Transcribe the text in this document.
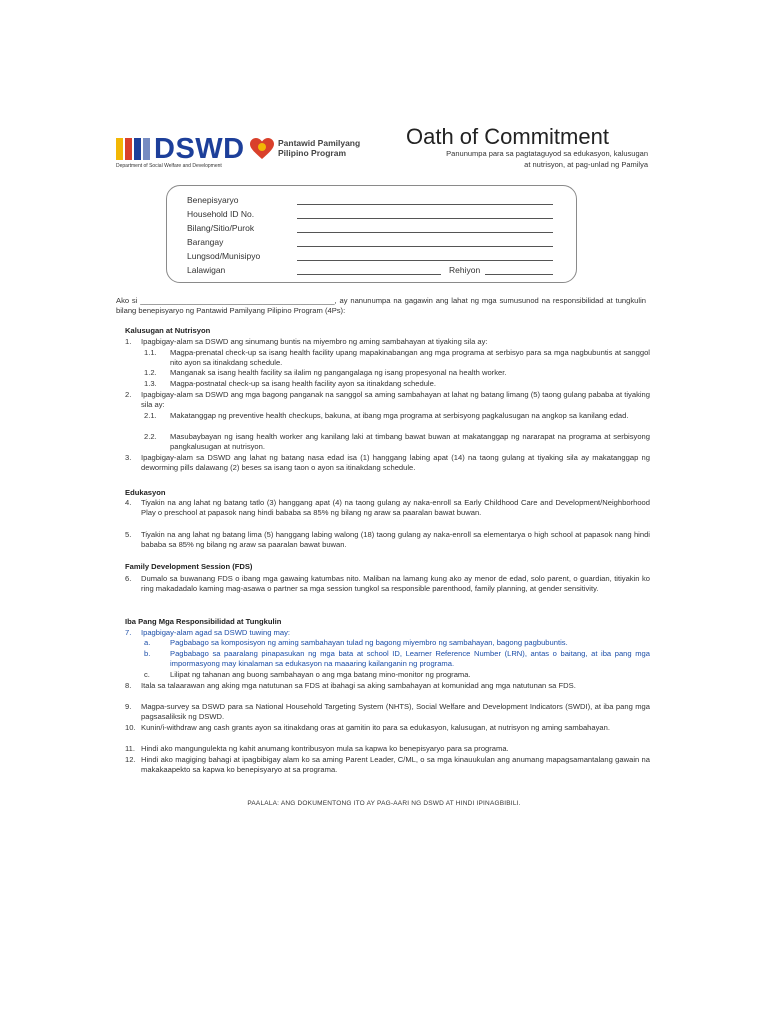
DSWD
Department of Social Welfare and Development
Pantawid Pamilyang
Pilipino Program
Oath of Commitment
Panunumpa para sa pagtataguyod sa edukasyon, kalusugan
at nutrisyon, at pag-unlad ng Pamilya
Benepisyaryo
Household ID No.
Bilang/Sitio/Purok
Barangay
Lungsod/Munisipyo
Lalawigan	Rehiyon
Ako si ______________________________________________, ay nanunumpa na gagawin ang lahat ng mga sumusunod na responsibilidad at tungkulin bilang benepisyaryo ng Pantawid Pamilyang Pilipino Program (4Ps):
Kalusugan at Nutrisyon
1.	Ipagbigay-alam sa DSWD ang sinumang buntis na miyembro ng aming sambahayan at tiyaking sila ay:
1.1.	Magpa-prenatal check-up sa isang health facility upang mapakinabangan ang mga programa at serbisyo para sa mga nagbubuntis at sanggol nito ayon sa itinakdang schedule.
1.2.	Manganak sa isang health facility sa ilalim ng pangangalaga ng isang propesyonal na health worker.
1.3.	Magpa-postnatal check-up sa isang health facility ayon sa itinakdang schedule.
2.	Ipagbigay-alam sa DSWD ang mga bagong panganak na sanggol sa aming sambahayan at lahat ng batang limang (5) taong gulang pababa at tiyaking sila ay:
2.1.	Makatanggap ng preventive health checkups, bakuna, at ibang mga programa at serbisyong pagkalusugan na angkop sa kanilang edad.
2.2.	Masubaybayan ng isang health worker ang kanilang laki at timbang bawat buwan at makatanggap ng nararapat na programa at serbisyong pangkalusugan at nutrisyon.
3.	Ipagbigay-alam sa DSWD ang lahat ng batang nasa edad isa (1) hanggang labing apat (14) na taong gulang at tiyaking sila ay makatanggap ng deworming pills dalawang (2) beses sa isang taon o ayon sa itinakdang schedule.
Edukasyon
4.	Tiyakin na ang lahat ng batang tatlo (3) hanggang apat (4) na taong gulang ay naka-enroll sa Early Childhood Care and Development/Neighborhood Play o preschool at papasok nang hindi bababa sa 85% ng bilang ng araw sa paaralan bawat buwan.
5.	Tiyakin na ang lahat ng batang lima (5) hanggang labing walong (18) taong gulang ay naka-enroll sa elementarya o high school at papasok nang hindi bababa sa 85% ng bilang ng araw sa paaralan bawat buwan.
Family Development Session (FDS)
6.	Dumalo sa buwanang FDS o ibang mga gawaing katumbas nito. Maliban na lamang kung ako ay menor de edad, solo parent, o guardian, titiyakin ko ring makadadalo kaming mag-asawa o partner sa mga session tungkol sa responsible parenthood, family planning, at gender sensitivity.
Iba Pang Mga Responsibilidad at Tungkulin
7.	Ipagbigay-alam agad sa DSWD tuwing may:
a.	Pagbabago sa komposisyon ng aming sambahayan tulad ng bagong miyembro ng sambahayan, bagong pagbubuntis.
b.	Pagbabago sa paaralang pinapasukan ng mga bata at school ID, Learner Reference Number (LRN), antas o baitang, at iba pang mga impormasyong may kinalaman sa edukasyon na maaaring kailanganin ng programa.
c.	Lilipat ng tahanan ang buong sambahayan o ang mga batang mino-monitor ng programa.
8.	Itala sa talaarawan ang aking mga natutunan sa FDS at ibahagi sa aking sambahayan at komunidad ang mga natutunan sa FDS.
9.	Magpa-survey sa DSWD para sa National Household Targeting System (NHTS), Social Welfare and Development Indicators (SWDI), at iba pang mga pagsasaliksik ng DSWD.
10. Kunin/i-withdraw ang cash grants ayon sa itinakdang oras at gamitin ito para sa edukasyon, kalusugan, at nutrisyon ng aming sambahayan.
11. Hindi ako mangungulekta ng kahit anumang kontribusyon mula sa kapwa ko benepisyaryo para sa programa.
12. Hindi ako magiging bahagi at ipagbibigay alam ko sa aming Parent Leader, C/ML, o sa mga kinauukulan ang anumang mapagsamantalang gawain na makakaapekto sa kapwa ko benepisyaryo at sa programa.
PAALALA: ANG DOKUMENTONG ITO AY PAG-AARI NG DSWD AT HINDI IPINAGBIBILI.
